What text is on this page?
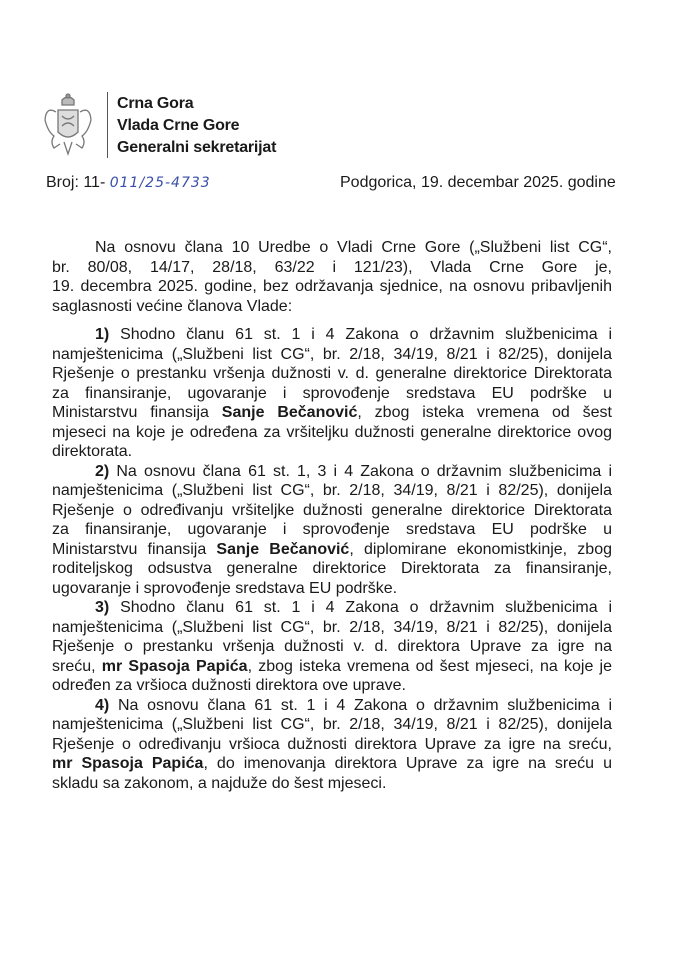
Crna Gora
Vlada Crne Gore
Generalni sekretarijat
Broj: 11- 011/25-4733	Podgorica, 19. decembar 2025. godine
Na osnovu člana 10 Uredbe o Vladi Crne Gore („Službeni list CG“,
br. 80/08, 14/17, 28/18, 63/22 i 121/23), Vlada Crne Gore je,
19. decembra 2025. godine, bez održavanja sjednice, na osnovu pribavljenih
saglasnosti većine članova Vlade:
1) Shodno članu 61 st. 1 i 4 Zakona o državnim službenicima i
namještenicima („Službeni list CG“, br. 2/18, 34/19, 8/21 i 82/25), donijela
Rješenje o prestanku vršenja dužnosti v. d. generalne direktorice Direktorata
za finansiranje, ugovaranje i sprovođenje sredstava EU podrške u
Ministarstvu finansija Sanje Bečanović, zbog isteka vremena od šest
mjeseci na koje je određena za vršiteljku dužnosti generalne direktorice ovog
direktorata.
2) Na osnovu člana 61 st. 1, 3 i 4 Zakona o državnim službenicima i
namještenicima („Službeni list CG“, br. 2/18, 34/19, 8/21 i 82/25), donijela
Rješenje o određivanju vršiteljke dužnosti generalne direktorice Direktorata
za finansiranje, ugovaranje i sprovođenje sredstava EU podrške u
Ministarstvu finansija Sanje Bečanović, diplomirane ekonomistkinje, zbog
roditeljskog odsustva generalne direktorice Direktorata za finansiranje,
ugovaranje i sprovođenje sredstava EU podrške.
3) Shodno članu 61 st. 1 i 4 Zakona o državnim službenicima i
namještenicima („Službeni list CG“, br. 2/18, 34/19, 8/21 i 82/25), donijela
Rješenje o prestanku vršenja dužnosti v. d. direktora Uprave za igre na
sreću, mr Spasoja Papića, zbog isteka vremena od šest mjeseci, na koje je
određen za vršioca dužnosti direktora ove uprave.
4) Na osnovu člana 61 st. 1 i 4 Zakona o državnim službenicima i
namještenicima („Službeni list CG“, br. 2/18, 34/19, 8/21 i 82/25), donijela
Rješenje o određivanju vršioca dužnosti direktora Uprave za igre na sreću,
mr Spasoja Papića, do imenovanja direktora Uprave za igre na sreću u
skladu sa zakonom, a najduže do šest mjeseci.
